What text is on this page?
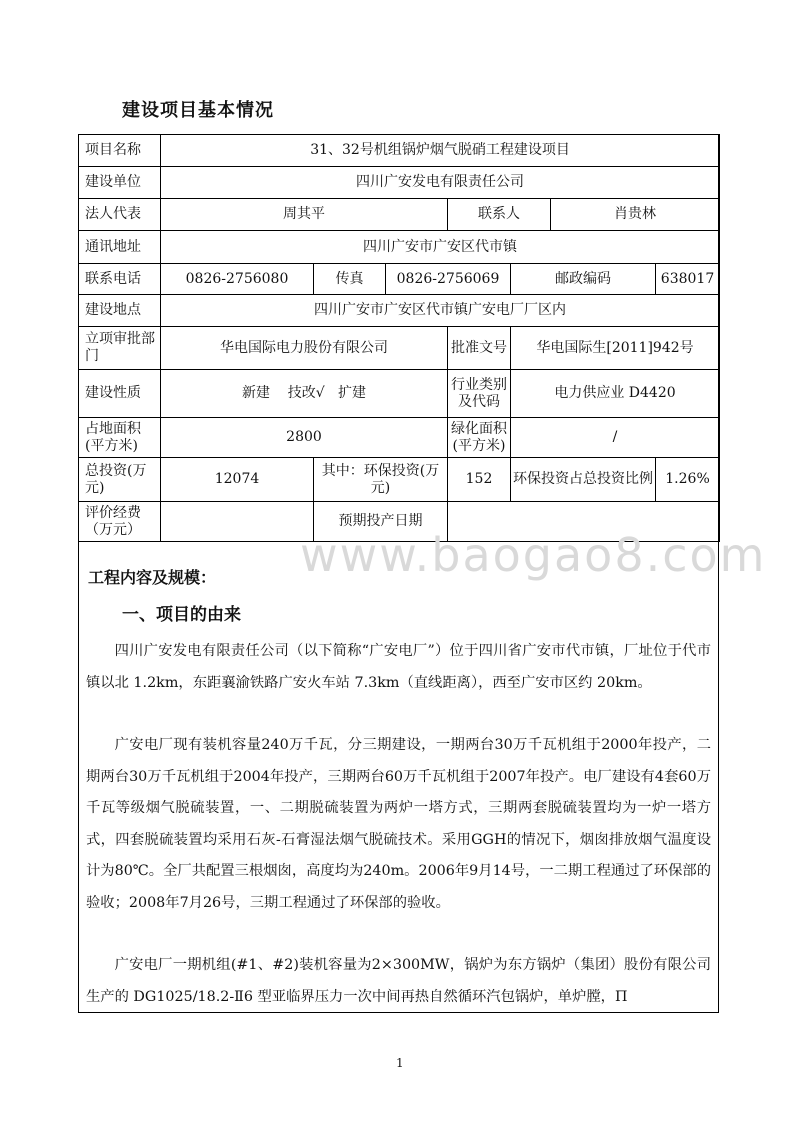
建设项目基本情况
项目名称	31、32号机组锅炉烟气脱硝工程建设项目						
建设单位	四川广安发电有限责任公司						
法人代表	周其平			联系人		肖贵林	
通讯地址	四川广安市广安区代市镇						
联系电话	0826-2756080	传真	0826-2756069		邮政编码		638017
建设地点	四川广安市广安区代市镇广安电厂厂区内						
立项审批部门	华电国际电力股份有限公司			批准文号	华电国际生[2011]942号		
建设性质	新建    技改√   扩建			行业类别及代码	电力供应业 D4420		
占地面积(平方米)	2800			绿化面积(平方米)	/		
总投资(万元)	12074	其中：环保投资(万元)		152	环保投资占总投资比例		1.26%
评价经费（万元）		预期投产日期					
www.baogao8.com
工程内容及规模：
一、项目的由来
四川广安发电有限责任公司（以下简称“广安电厂”）位于四川省广安市代市镇，厂址位于代市镇以北 1.2km，东距襄渝铁路广安火车站 7.3km（直线距离），西至广安市区约 20km。
广安电厂现有装机容量240万千瓦，分三期建设，一期两台30万千瓦机组于2000年投产，二期两台30万千瓦机组于2004年投产，三期两台60万千瓦机组于2007年投产。电厂建设有4套60万千瓦等级烟气脱硫装置，一、二期脱硫装置为两炉一塔方式，三期两套脱硫装置均为一炉一塔方式，四套脱硫装置均采用石灰-石膏湿法烟气脱硫技术。采用GGH的情况下，烟囱排放烟气温度设计为80℃。全厂共配置三根烟囱，高度均为240m。2006年9月14号，一二期工程通过了环保部的验收；2008年7月26号，三期工程通过了环保部的验收。
广安电厂一期机组(#1、#2)装机容量为2×300MW，锅炉为东方锅炉（集团）股份有限公司生产的 DG1025/18.2-Ⅱ6 型亚临界压力一次中间再热自然循环汽包锅炉，单炉膛，Π
1
